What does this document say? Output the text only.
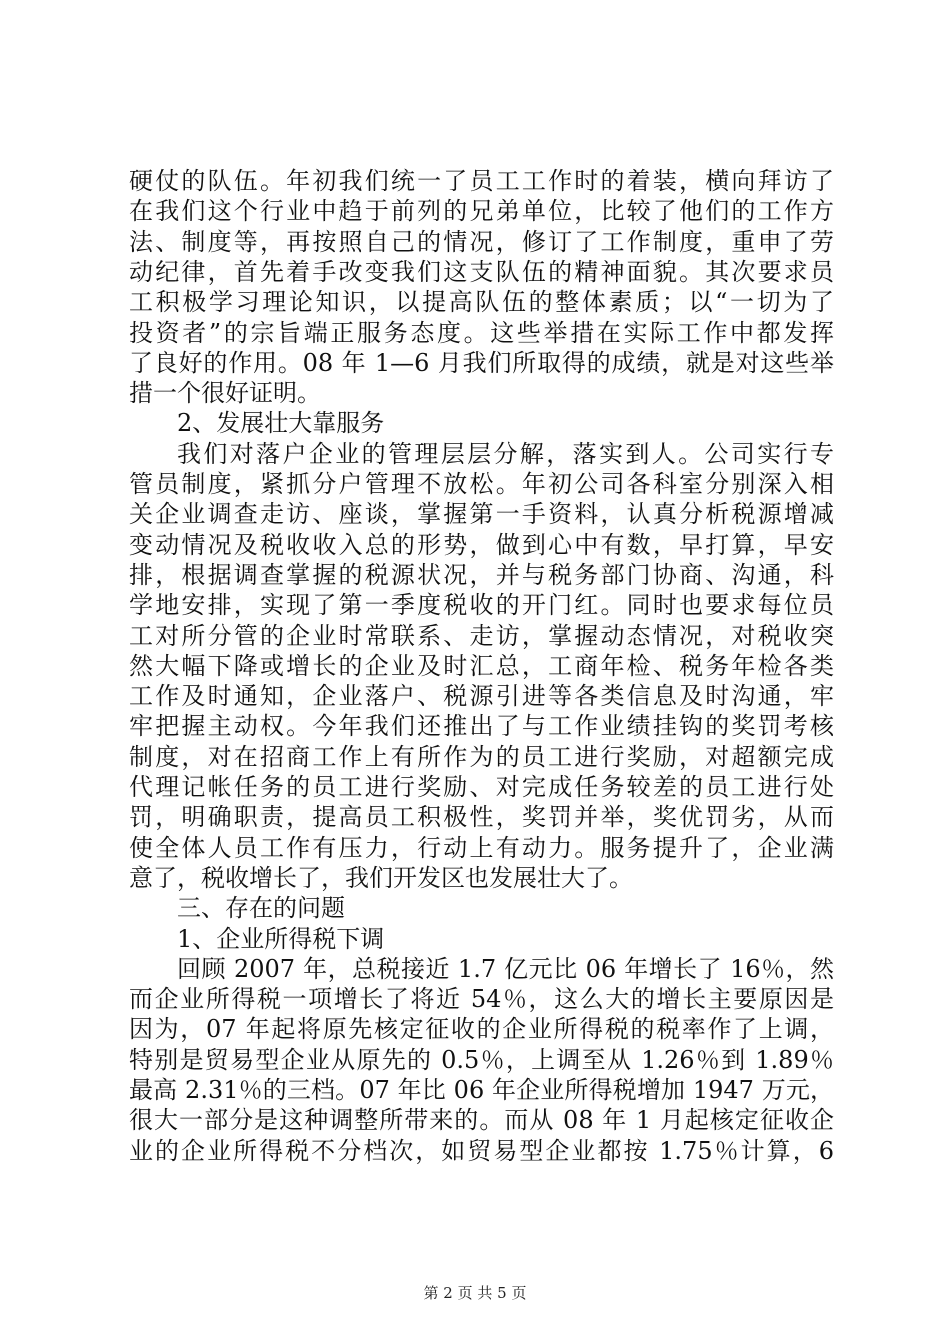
硬仗的队伍。年初我们统一了员工工作时的着装，横向拜访了
在我们这个行业中趋于前列的兄弟单位，比较了他们的工作方
法、制度等，再按照自己的情况，修订了工作制度，重申了劳
动纪律，首先着手改变我们这支队伍的精神面貌。其次要求员
工积极学习理论知识，以提高队伍的整体素质；以“一切为了
投资者”的宗旨端正服务态度。这些举措在实际工作中都发挥
了良好的作用。08 年 1—6 月我们所取得的成绩，就是对这些举
措一个很好证明。
2、发展壮大靠服务
我们对落户企业的管理层层分解，落实到人。公司实行专
管员制度，紧抓分户管理不放松。年初公司各科室分别深入相
关企业调查走访、座谈，掌握第一手资料，认真分析税源增减
变动情况及税收收入总的形势，做到心中有数，早打算，早安
排，根据调查掌握的税源状况，并与税务部门协商、沟通，科
学地安排，实现了第一季度税收的开门红。同时也要求每位员
工对所分管的企业时常联系、走访，掌握动态情况，对税收突
然大幅下降或增长的企业及时汇总，工商年检、税务年检各类
工作及时通知，企业落户、税源引进等各类信息及时沟通，牢
牢把握主动权。今年我们还推出了与工作业绩挂钩的奖罚考核
制度，对在招商工作上有所作为的员工进行奖励，对超额完成
代理记帐任务的员工进行奖励、对完成任务较差的员工进行处
罚，明确职责，提高员工积极性，奖罚并举，奖优罚劣，从而
使全体人员工作有压力，行动上有动力。服务提升了，企业满
意了，税收增长了，我们开发区也发展壮大了。
三、存在的问题
1、企业所得税下调
回顾 2007 年，总税接近 1.7 亿元比 06 年增长了 16％，然
而企业所得税一项增长了将近 54％，这么大的增长主要原因是
因为，07 年起将原先核定征收的企业所得税的税率作了上调，
特别是贸易型企业从原先的 0.5％，上调至从 1.26％到 1.89％
最高 2.31％的三档。07 年比 06 年企业所得税增加 1947 万元，
很大一部分是这种调整所带来的。而从 08 年 1 月起核定征收企
业的企业所得税不分档次，如贸易型企业都按 1.75％计算，6
第 2 页 共 5 页
